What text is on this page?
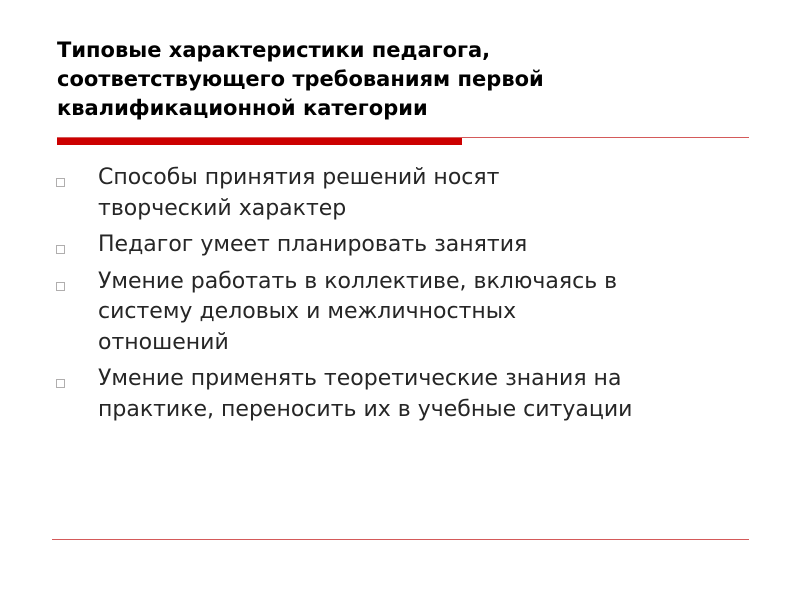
Типовые характеристики педагога,
соответствующего требованиям первой
квалификационной категории
Способы принятия решений носят
творческий характер
Педагог умеет планировать занятия
Умение работать в коллективе, включаясь в
систему деловых и межличностных
отношений
Умение применять теоретические знания на
практике, переносить их в учебные ситуации
